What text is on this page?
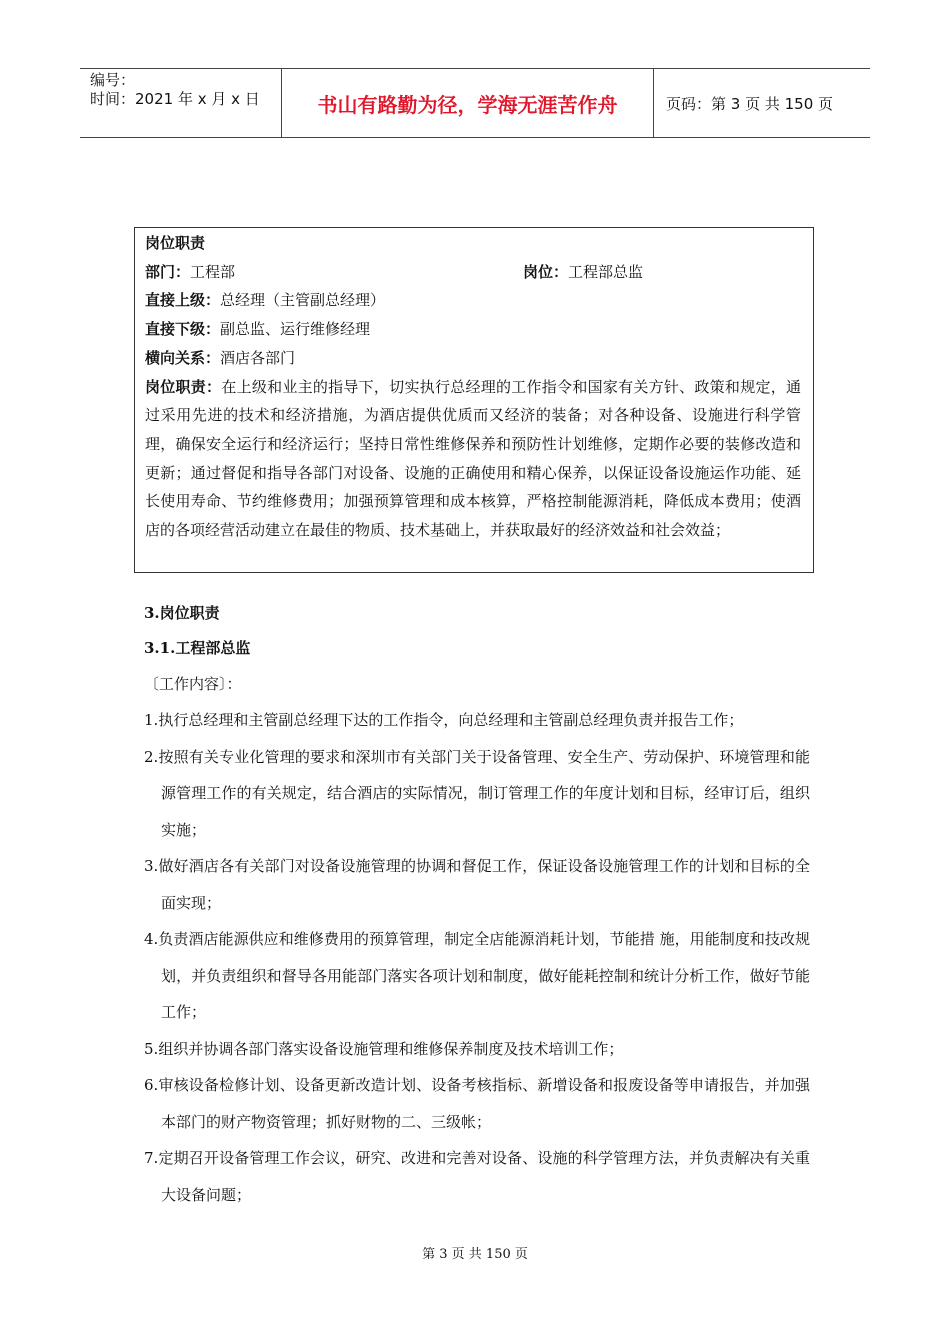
编号：
时间：2021 年 x 月 x 日	书山有路勤为径，学海无涯苦作舟	页码：第 3 页 共 150 页
岗位职责
部门：工程部	岗位：工程部总监
直接上级：总经理（主管副总经理）
直接下级：副总监、运行维修经理
横向关系：酒店各部门
岗位职责：在上级和业主的指导下，切实执行总经理的工作指令和国家有关方针、政策和规定，通过采用先进的技术和经济措施，为酒店提供优质而又经济的装备；对各种设备、设施进行科学管理，确保安全运行和经济运行；坚持日常性维修保养和预防性计划维修，定期作必要的装修改造和更新；通过督促和指导各部门对设备、设施的正确使用和精心保养，以保证设备设施运作功能、延长使用寿命、节约维修费用；加强预算管理和成本核算，严格控制能源消耗，降低成本费用；使酒店的各项经营活动建立在最佳的物质、技术基础上，并获取最好的经济效益和社会效益；
3.岗位职责
3.1.工程部总监
〔工作内容〕：
1.执行总经理和主管副总经理下达的工作指令，向总经理和主管副总经理负责并报告工作；
2.按照有关专业化管理的要求和深圳市有关部门关于设备管理、安全生产、劳动保护、环境管理和能源管理工作的有关规定，结合酒店的实际情况，制订管理工作的年度计划和目标，经审订后，组织实施；
3.做好酒店各有关部门对设备设施管理的协调和督促工作，保证设备设施管理工作的计划和目标的全面实现；
4.负责酒店能源供应和维修费用的预算管理，制定全店能源消耗计划，节能措 施，用能制度和技改规划，并负责组织和督导各用能部门落实各项计划和制度，做好能耗控制和统计分析工作，做好节能工作；
5.组织并协调各部门落实设备设施管理和维修保养制度及技术培训工作；
6.审核设备检修计划、设备更新改造计划、设备考核指标、新增设备和报废设备等申请报告，并加强本部门的财产物资管理；抓好财物的二、三级帐；
7.定期召开设备管理工作会议，研究、改进和完善对设备、设施的科学管理方法，并负责解决有关重大设备问题；
第 3 页 共 150 页
